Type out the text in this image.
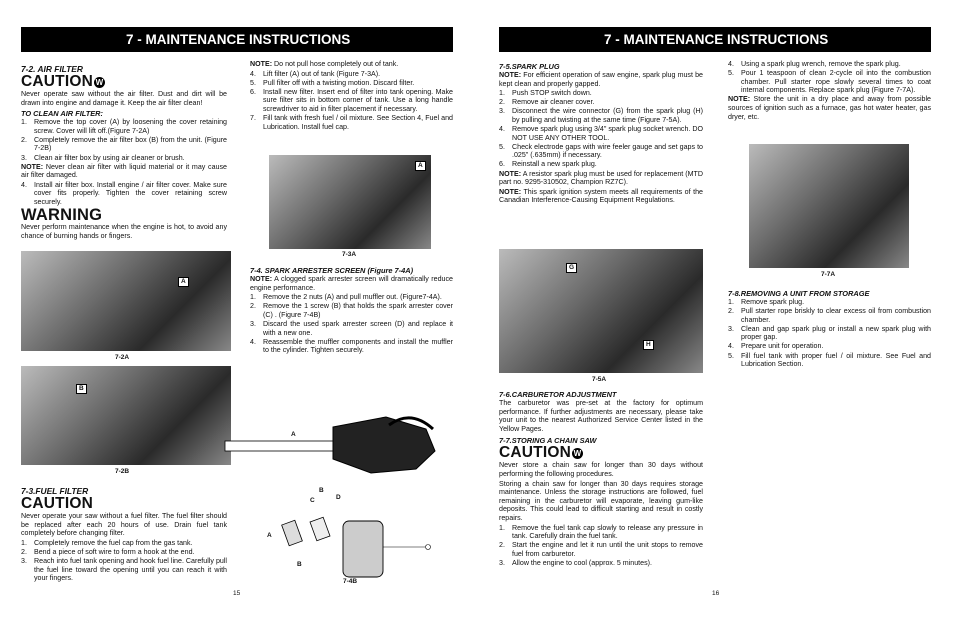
7 - MAINTENANCE INSTRUCTIONS
7-2. AIR FILTER
CAUTION W

Never operate saw without the air filter. Dust and dirt will be drawn into engine and damage it. Keep the air filter clean!

TO CLEAN AIR FILTER:
1. Remove the top cover (A) by loosening the cover retaining screw. Cover will lift off.(Figure 7-2A)
2. Completely remove the air filter box (B) from the unit. (Figure 7-2B)
3. Clean air filter box by using air cleaner or brush.

NOTE: Never clean air filter with liquid material or it may cause air filter damaged.

4. Install air filter box. Install engine / air filter cover. Make sure cover fits properly. Tighten the cover retaining screw securely.
WARNING

Never perform maintenance when the engine is hot, to avoid any chance of burning hands or fingers.

A
7-2A
B
7-2B
7-3.FUEL FILTER
CAUTION

Never operate your saw without a fuel filter. The fuel filter should be replaced after each 20 hours of use. Drain fuel tank completely before changing filter.

1. Completely remove the fuel cap from the gas tank.
2. Bend a piece of soft wire to form a hook at the end.
3. Reach into fuel tank opening and hook fuel line. Carefully pull the fuel line toward the opening until you can reach it with your fingers.

NOTE: Do not pull hose completely out of tank.

4. Lift filter (A) out of tank (Figure 7-3A).
5. Pull filter off with a twisting motion. Discard filter.
6. Install new filter. Insert end of filter into tank opening. Make sure filter sits in bottom corner of tank. Use a long handle screwdriver to aid in filter placement if necessary.
7. Fill tank with fresh fuel / oil mixture. See Section 4, Fuel and Lubrication. Install fuel cap.
A
7-3A
7-4. SPARK ARRESTER SCREEN (Figure 7-4A)

NOTE: A clogged spark arrester screen will dramatically reduce engine performance.

1. Remove the 2 nuts (A) and pull muffler out. (Figure7-4A).
2. Remove the 1 screw (B) that holds the spark arrester cover (C) . (Figure 7-4B)
3. Discard the used spark arrester screen (D) and replace it with a new one.
4. Reassemble the muffler components and install the muffler to the cylinder. Tighten securely.
A
B
A
B
C	D
7-4B
15
7 - MAINTENANCE INSTRUCTIONS
7-5.SPARK PLUG

NOTE: For efficient operation of saw engine, spark plug must be kept clean and properly gapped.

1. Push STOP switch down.
2. Remove air cleaner cover.
3. Disconnect the wire connector (G) from the spark plug (H) by pulling and twisting at the same time (Figure 7-5A).
4. Remove spark plug using 3/4" spark plug socket wrench. DO NOT USE ANY OTHER TOOL.
5. Check electrode gaps with wire feeler gauge and set gaps to .025" (.635mm) if necessary.
6. Reinstall a new spark plug.

NOTE: A resistor spark plug must be used for replacement (MTD part no. 9295-310502, Champion RZ7C).

NOTE: This spark ignition system meets all requirements of the Canadian Interference-Causing Equipment Regulations.

G
H
7-5A
7-6.CARBURETOR ADJUSTMENT

The carburetor was pre-set at the factory for optimum performance. If further adjustments are necessary, please take your unit to the nearest Authorized Service Center listed in the Yellow Pages.

7-7.STORING A CHAIN SAW
CAUTION W

Never store a chain saw for longer than 30 days without performing the following procedures.

Storing a chain saw for longer than 30 days requires storage maintenance. Unless the storage instructions are followed, fuel remaining in the carburetor will evaporate, leaving gum-like deposits. This could lead to difficult starting and result in costly repairs.

1. Remove the fuel tank cap slowly to release any pressure in tank. Carefully drain the fuel tank.
2. Start the engine and let it run until the unit stops to remove fuel from carburetor.
3. Allow the engine to cool (approx. 5 minutes).
4. Using a spark plug wrench, remove the spark plug.
5. Pour 1 teaspoon of clean 2-cycle oil into the combustion chamber. Pull starter rope slowly several times to coat internal components. Replace spark plug (Figure 7-7A).

NOTE: Store the unit in a dry place and away from possible sources of ignition such as a furnace, gas hot water heater, gas dryer, etc.

7-7A
7-8.REMOVING A UNIT FROM STORAGE
1. Remove spark plug.
2. Pull starter rope briskly to clear excess oil from combustion chamber.
3. Clean and gap spark plug or install a new spark plug with proper gap.
4. Prepare unit for operation.
5. Fill fuel tank with proper fuel / oil mixture. See Fuel and Lubrication Section.
16
